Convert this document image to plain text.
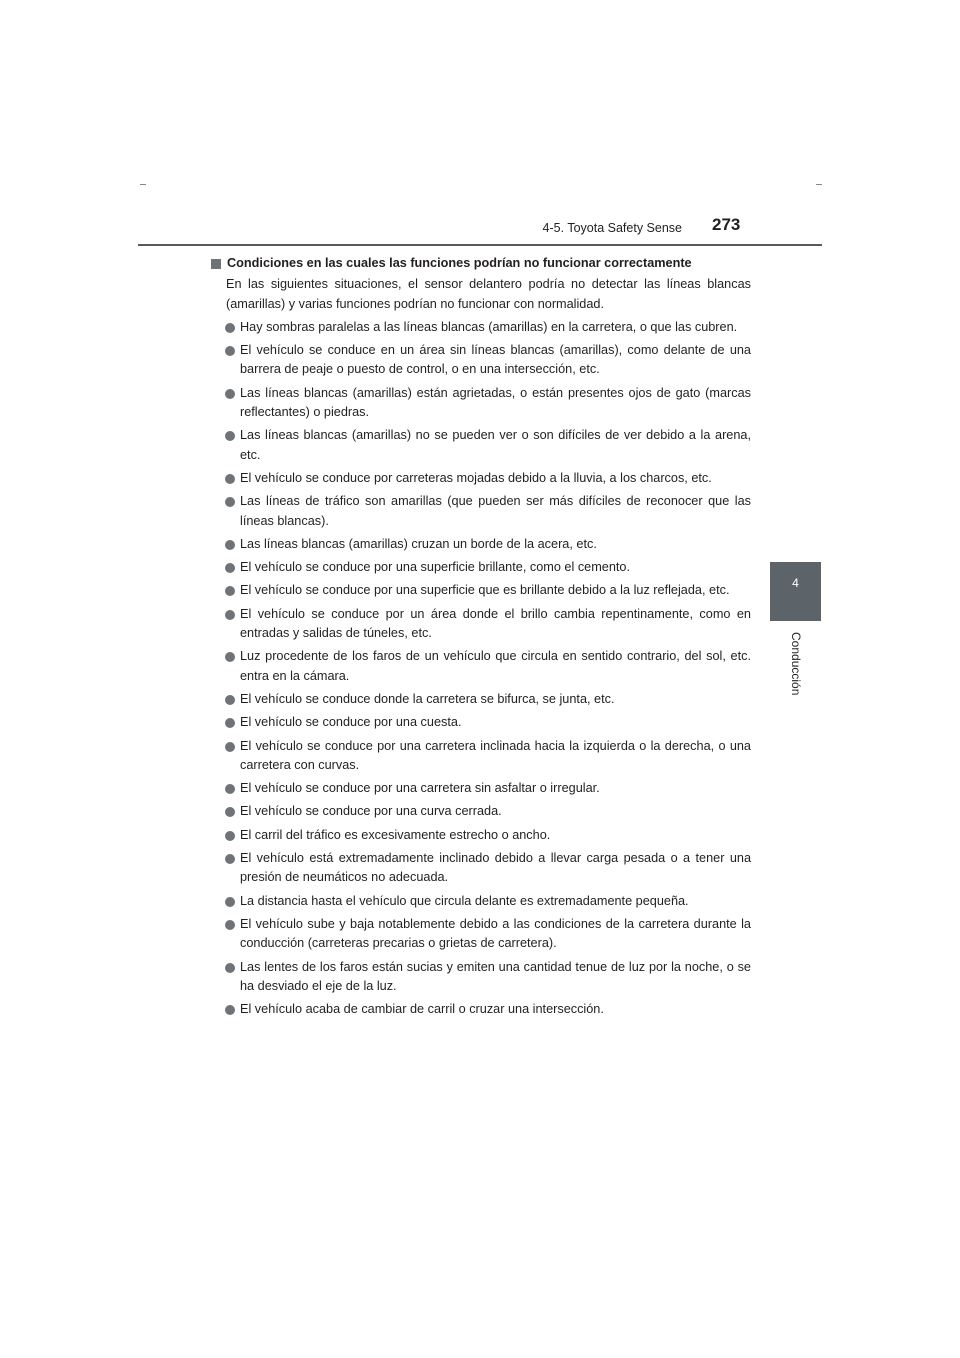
4-5. Toyota Safety Sense 273
4
Conducción
Condiciones en las cuales las funciones podrían no funcionar correctamente

En las siguientes situaciones, el sensor delantero podría no detectar las líneas blancas (amarillas) y varias funciones podrían no funcionar con normalidad.

Hay sombras paralelas a las líneas blancas (amarillas) en la carretera, o que las cubren.
El vehículo se conduce en un área sin líneas blancas (amarillas), como delante de una barrera de peaje o puesto de control, o en una intersección, etc.
Las líneas blancas (amarillas) están agrietadas, o están presentes ojos de gato (marcas reflectantes) o piedras.
Las líneas blancas (amarillas) no se pueden ver o son difíciles de ver debido a la arena, etc.
El vehículo se conduce por carreteras mojadas debido a la lluvia, a los charcos, etc.
Las líneas de tráfico son amarillas (que pueden ser más difíciles de reconocer que las líneas blancas).
Las líneas blancas (amarillas) cruzan un borde de la acera, etc.
El vehículo se conduce por una superficie brillante, como el cemento.
El vehículo se conduce por una superficie que es brillante debido a la luz reflejada, etc.
El vehículo se conduce por un área donde el brillo cambia repentinamente, como en entradas y salidas de túneles, etc.
Luz procedente de los faros de un vehículo que circula en sentido contrario, del sol, etc. entra en la cámara.
El vehículo se conduce donde la carretera se bifurca, se junta, etc.
El vehículo se conduce por una cuesta.
El vehículo se conduce por una carretera inclinada hacia la izquierda o la derecha, o una carretera con curvas.
El vehículo se conduce por una carretera sin asfaltar o irregular.
El vehículo se conduce por una curva cerrada.
El carril del tráfico es excesivamente estrecho o ancho.
El vehículo está extremadamente inclinado debido a llevar carga pesada o a tener una presión de neumáticos no adecuada.
La distancia hasta el vehículo que circula delante es extremadamente pequeña.
El vehículo sube y baja notablemente debido a las condiciones de la carretera durante la conducción (carreteras precarias o grietas de carretera).
Las lentes de los faros están sucias y emiten una cantidad tenue de luz por la noche, o se ha desviado el eje de la luz.
El vehículo acaba de cambiar de carril o cruzar una intersección.
